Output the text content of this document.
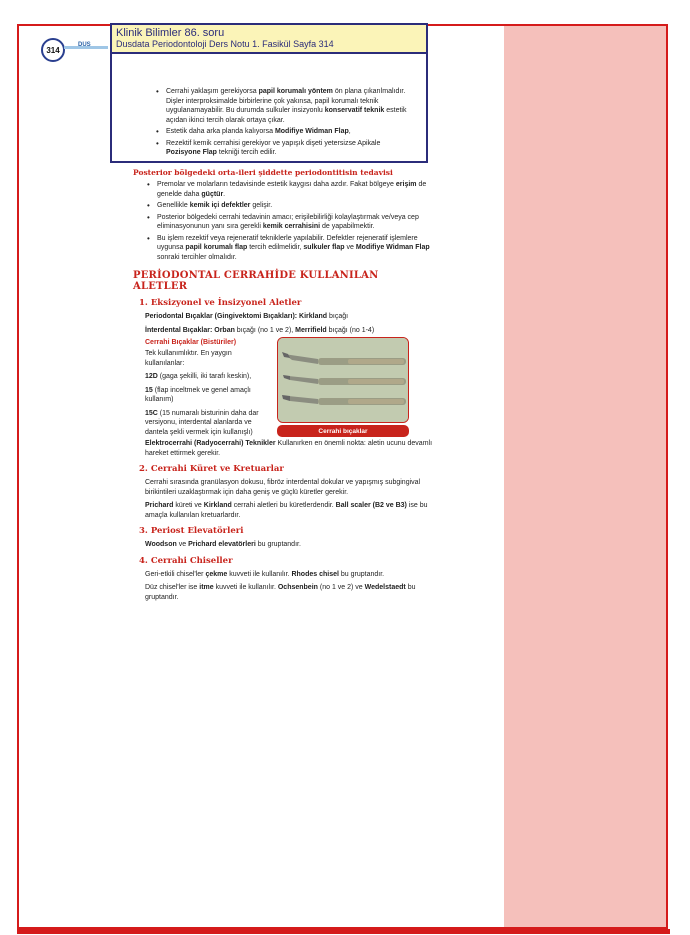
314
DUS
Klinik Bilimler 86. soru
Dusdata Periodontoloji Ders Notu 1. Fasikül Sayfa 314
• Cerrahi yaklaşım gerekiyorsa papil korumalı yöntem ön plana çıkarılmalıdır. Dişler interproksimalde birbirlerine çok yakınsa, papil korumalı teknik uygulanamayabilir. Bu durumda sulkuler insizyonlu konservatif teknik estetik açıdan ikinci tercih olarak ortaya çıkar.
• Estetik daha arka planda kalıyorsa Modifiye Widman Flap,
• Rezektif kemik cerrahisi gerekiyor ve yapışık dişeti yetersizse Apikale Pozisyone Flap tekniği tercih edilir.
Posterior bölgedeki orta-ileri şiddette periodontitisin tedavisi
• Premolar ve molarların tedavisinde estetik kaygısı daha azdır. Fakat bölgeye erişim de genelde daha güçtür.
• Genellikle kemik içi defektler gelişir.
• Posterior bölgedeki cerrahi tedavinin amacı; erişilebilirliği kolaylaştırmak ve/veya cep eliminasyonunun yanı sıra gerekli kemik cerrahisini de yapabilmektir.
• Bu işlem rezektif veya rejeneratif tekniklerle yapılabilir. Defektler rejeneratif işlemlere uygunsa papil korumalı flap tercih edilmelidir, sulkuler flap ve Modifiye Widman Flap sonraki tercihler olmalıdır.
PERİODONTAL CERRAHİDE KULLANILAN ALETLER
1. Eksizyonel ve İnsizyonel Aletler

Periodontal Bıçaklar (Gingivektomi Bıçakları): Kirkland bıçağı

İnterdental Bıçaklar: Orban bıçağı (no 1 ve 2), Merrifield bıçağı (no 1-4)

Cerrahi Bıçaklar (Bistüriler)

Tek kullanımlıktır. En yaygın kullanılanlar:

12D (gaga şekilli, iki tarafı keskin),

15 (flap inceltmek ve genel amaçlı kullanım)

15C (15 numaralı bisturinin daha dar versiyonu, interdental alanlarda ve dantela şekli vermek için kullanışlı)	Cerrahi bıçaklar

Elektrocerrahi (Radyocerrahi) Teknikler Kullanırken en önemli nokta: aletin ucunu devamlı hareket ettirmek gerekir.

2. Cerrahi Küret ve Kretuarlar

Cerrahi sırasında granülasyon dokusu, fibröz interdental dokular ve yapışmış subgingival birikintileri uzaklaştırmak için daha geniş ve güçlü küretler gerekir.

Prichard küreti ve Kirkland cerrahi aletleri bu küretlerdendir. Ball scaler (B2 ve B3) ise bu amaçla kullanılan kretuarlardır.

3. Periost Elevatörleri

Woodson ve Prichard elevatörleri bu gruptandır.

4. Cerrahi Chiseller

Geri-etkili chisel'ler çekme kuvveti ile kullanılır. Rhodes chisel bu gruptandır.

Düz chisel'ler ise itme kuvveti ile kullanılır. Ochsenbein (no 1 ve 2) ve Wedelstaedt bu gruptandır.
